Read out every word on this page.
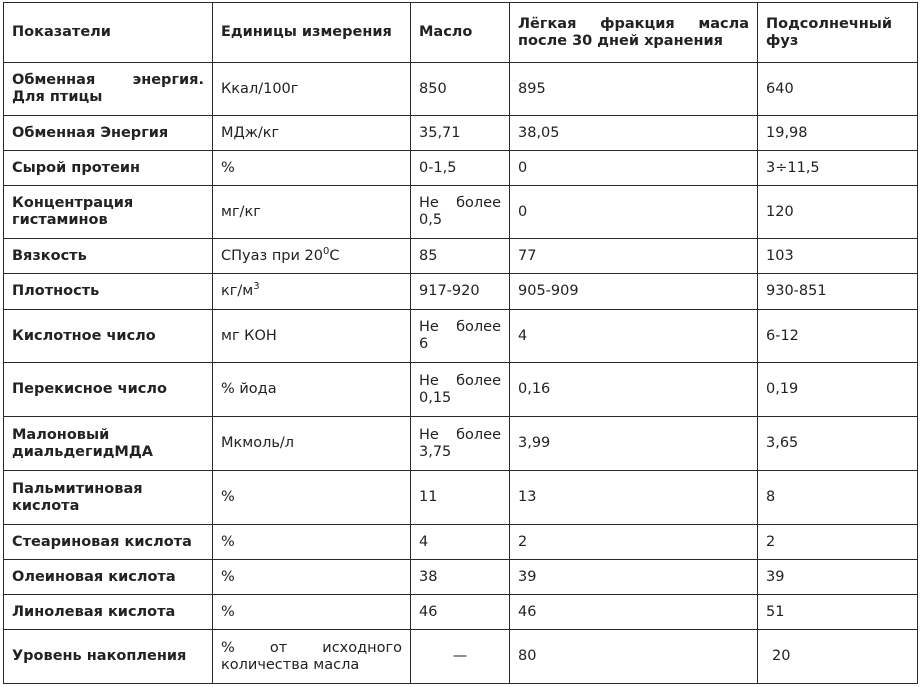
Показатели	Единицы измерения	Масло	Лёгкая фракция масла после 30 дней хранения	Подсолнечный фуз
Обменная энергия. Для птицы	Ккал/100г	850	895	640
Обменная Энергия	МДж/кг	35,71	38,05	19,98
Сырой протеин	%	0-1,5	0	3÷11,5
Концентрация гистаминов	мг/кг	Не более 0,5	0	120
Вязкость	СПуаз при $20^0С$	85	77	103
Плотность	$кг/м^3$	917-920	905-909	930-851
Кислотное число	мг КОН	Не более 6	4	6-12
Перекисное число	% йода	Не более 0,15	0,16	0,19
Малоновый диальдегидМДА	Мкмоль/л	Не более 3,75	3,99	3,65
Пальмитиновая кислота	%	11	13	8
Стеариновая кислота	%	4	2	2
Олеиновая кислота	%	38	39	39
Линолевая кислота	%	46	46	51
Уровень накопления	% от исходного количества масла	—	80	20
